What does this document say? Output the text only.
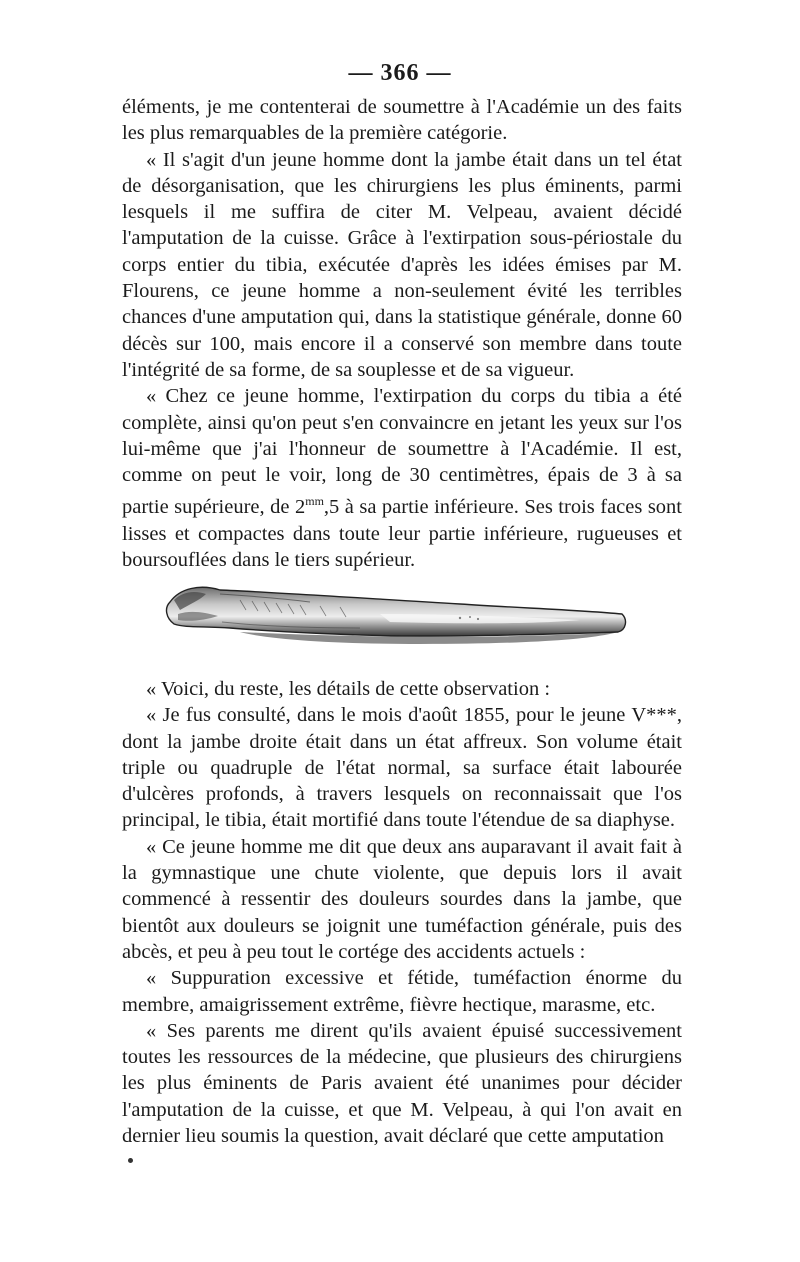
— 366 —

éléments, je me contenterai de soumettre à l'Académie un des faits les plus remarquables de la première catégorie.

« Il s'agit d'un jeune homme dont la jambe était dans un tel état de désorganisation, que les chirurgiens les plus éminents, parmi lesquels il me suffira de citer M. Velpeau, avaient décidé l'amputation de la cuisse. Grâce à l'extirpation sous-périostale du corps entier du tibia, exécutée d'après les idées émises par M. Flourens, ce jeune homme a non-seulement évité les terribles chances d'une amputation qui, dans la statistique générale, donne 60 décès sur 100, mais encore il a conservé son membre dans toute l'intégrité de sa forme, de sa souplesse et de sa vigueur.

« Chez ce jeune homme, l'extirpation du corps du tibia a été complète, ainsi qu'on peut s'en convaincre en jetant les yeux sur l'os lui-même que j'ai l'honneur de soumettre à l'Académie. Il est, comme on peut le voir, long de 30 centimètres, épais de 3 à sa partie supérieure, de $2^{mm},5$ à sa partie inférieure. Ses trois faces sont lisses et compactes dans toute leur partie inférieure, rugueuses et boursouflées dans le tiers supérieur.

« Voici, du reste, les détails de cette observation :

« Je fus consulté, dans le mois d'août 1855, pour le jeune V***, dont la jambe droite était dans un état affreux. Son volume était triple ou quadruple de l'état normal, sa surface était labourée d'ulcères profonds, à travers lesquels on reconnaissait que l'os principal, le tibia, était mortifié dans toute l'étendue de sa diaphyse.

« Ce jeune homme me dit que deux ans auparavant il avait fait à la gymnastique une chute violente, que depuis lors il avait commencé à ressentir des douleurs sourdes dans la jambe, que bientôt aux douleurs se joignit une tuméfaction générale, puis des abcès, et peu à peu tout le cortége des accidents actuels :

« Suppuration excessive et fétide, tuméfaction énorme du membre, amaigrissement extrême, fièvre hectique, marasme, etc.

« Ses parents me dirent qu'ils avaient épuisé successivement toutes les ressources de la médecine, que plusieurs des chirurgiens les plus éminents de Paris avaient été unanimes pour décider l'amputation de la cuisse, et que M. Velpeau, à qui l'on avait en dernier lieu soumis la question, avait déclaré que cette amputation
